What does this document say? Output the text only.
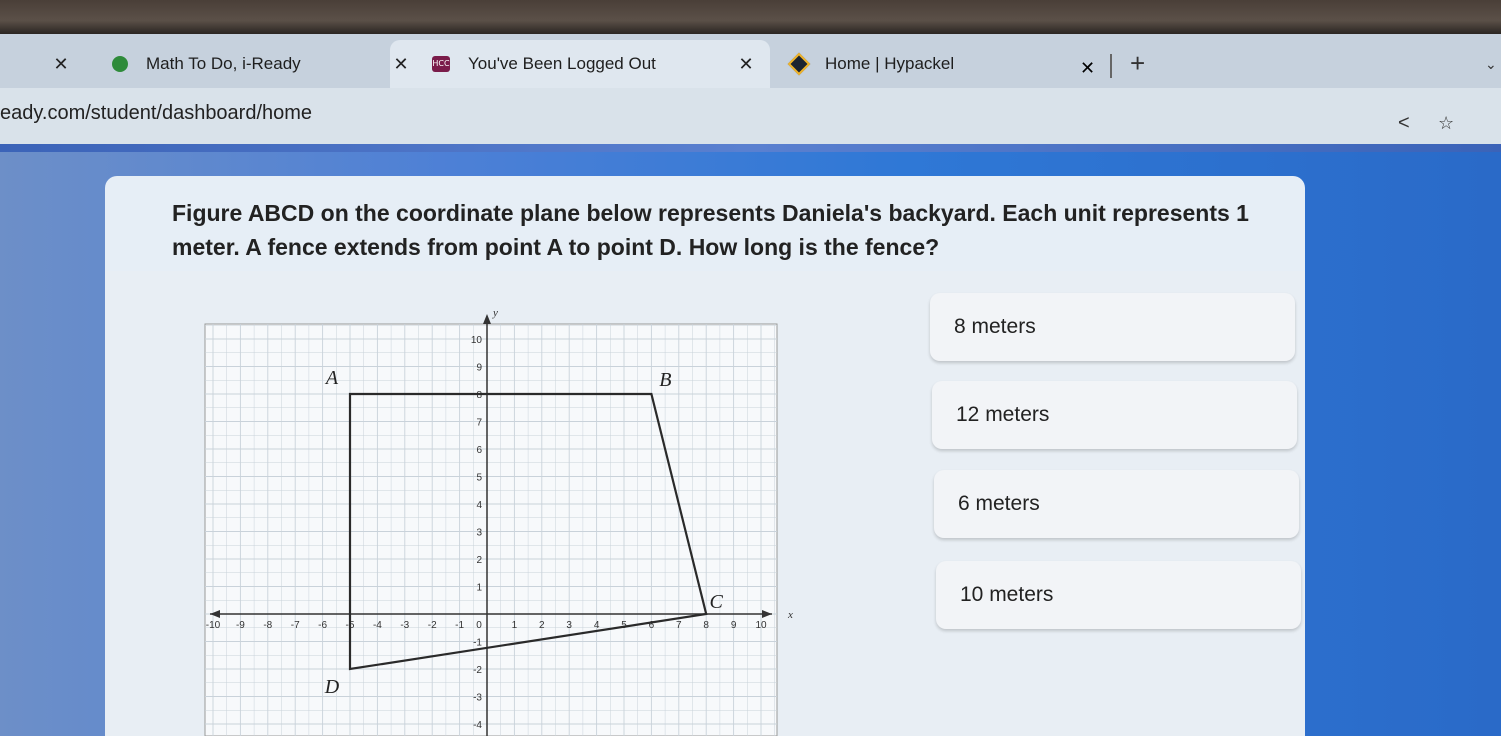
✕	Math To Do, i-Ready	✕	HCC You've Been Logged Out	✕	Home | Hypackel	✕ +	⌄
eady.com/student/dashboard/home	< ☆
Figure ABCD on the coordinate plane below represents Daniela's backyard. Each unit represents 1 meter. A fence extends from point A to point D. How long is the fence?
x
y
-10 -9 -8 -7 -6 -5 -4 -3 -2 -1 0	1 2 3 4 5 6 7 8 9 10
10
9
8
7
6
5
4
3
2
1
-1
-2
-3
-4
A	B
C
D
8 meters
12 meters
6 meters
10 meters
